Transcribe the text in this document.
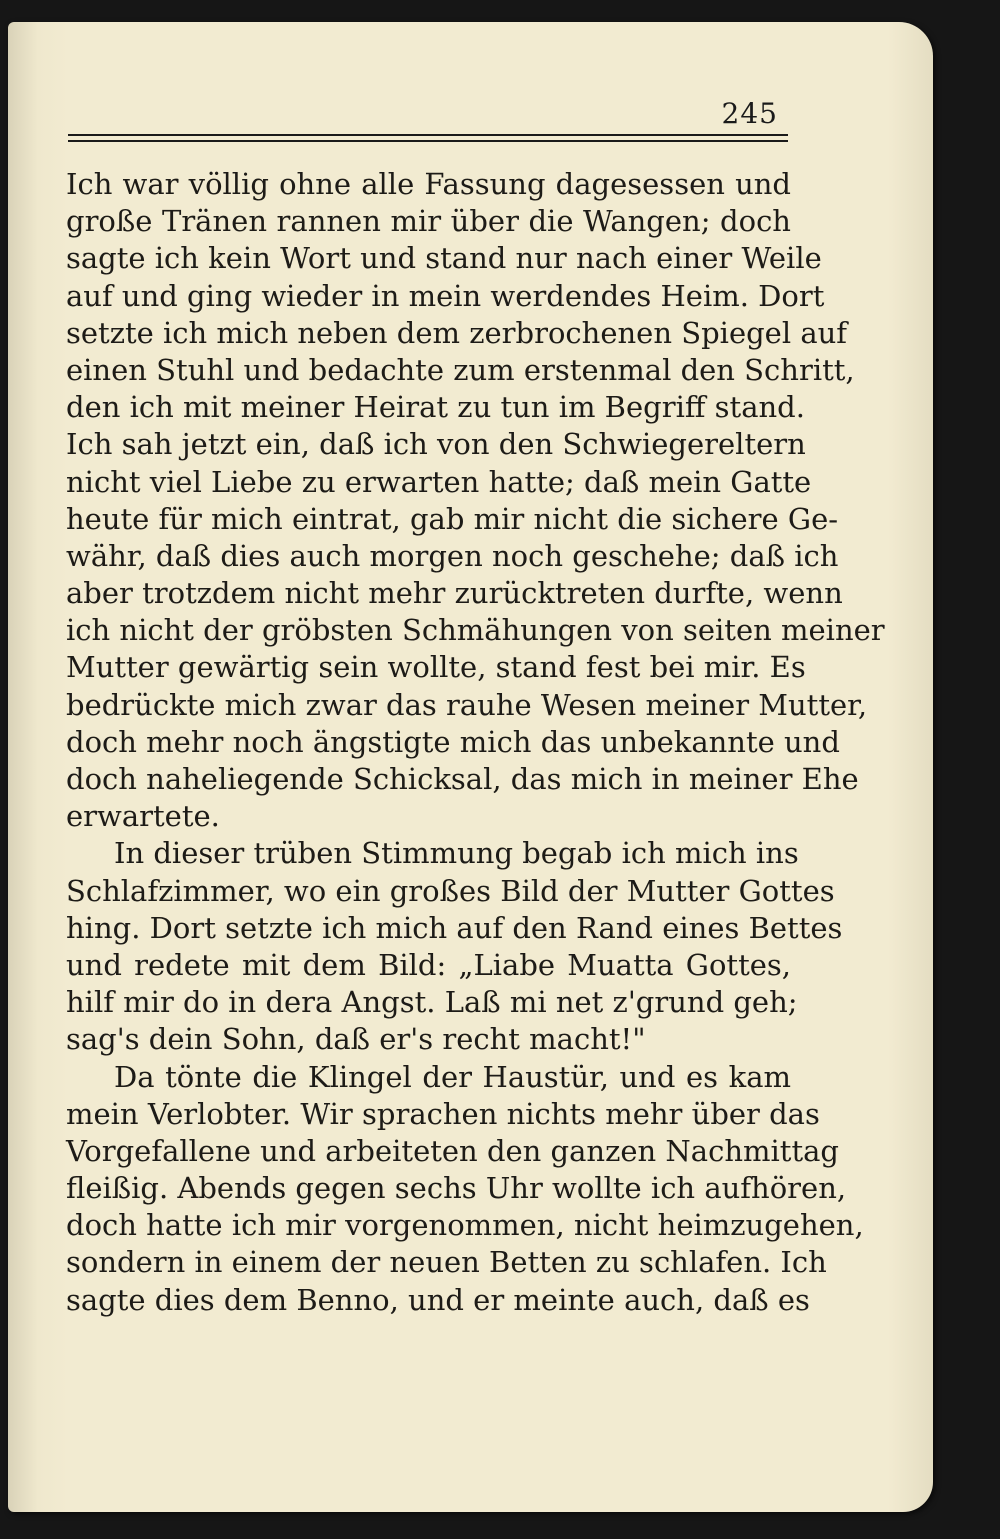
245
Ich war völlig ohne alle Fassung dagesessen und
große Tränen rannen mir über die Wangen; doch
sagte ich kein Wort und stand nur nach einer Weile
auf und ging wieder in mein werdendes Heim. Dort
setzte ich mich neben dem zerbrochenen Spiegel auf
einen Stuhl und bedachte zum erstenmal den Schritt,
den ich mit meiner Heirat zu tun im Begriff stand.
Ich sah jetzt ein, daß ich von den Schwiegereltern
nicht viel Liebe zu erwarten hatte; daß mein Gatte
heute für mich eintrat, gab mir nicht die sichere Ge-
währ, daß dies auch morgen noch geschehe; daß ich
aber trotzdem nicht mehr zurücktreten durfte, wenn
ich nicht der gröbsten Schmähungen von seiten meiner
Mutter gewärtig sein wollte, stand fest bei mir. Es
bedrückte mich zwar das rauhe Wesen meiner Mutter,
doch mehr noch ängstigte mich das unbekannte und
doch naheliegende Schicksal, das mich in meiner Ehe
erwartete.
In dieser trüben Stimmung begab ich mich ins
Schlafzimmer, wo ein großes Bild der Mutter Gottes
hing. Dort setzte ich mich auf den Rand eines Bettes
und redete mit dem Bild: „Liabe Muatta Gottes,
hilf mir do in dera Angst. Laß mi net z'grund geh;
sag's dein Sohn, daß er's recht macht!"
Da tönte die Klingel der Haustür, und es kam
mein Verlobter. Wir sprachen nichts mehr über das
Vorgefallene und arbeiteten den ganzen Nachmittag
fleißig. Abends gegen sechs Uhr wollte ich aufhören,
doch hatte ich mir vorgenommen, nicht heimzugehen,
sondern in einem der neuen Betten zu schlafen. Ich
sagte dies dem Benno, und er meinte auch, daß es
